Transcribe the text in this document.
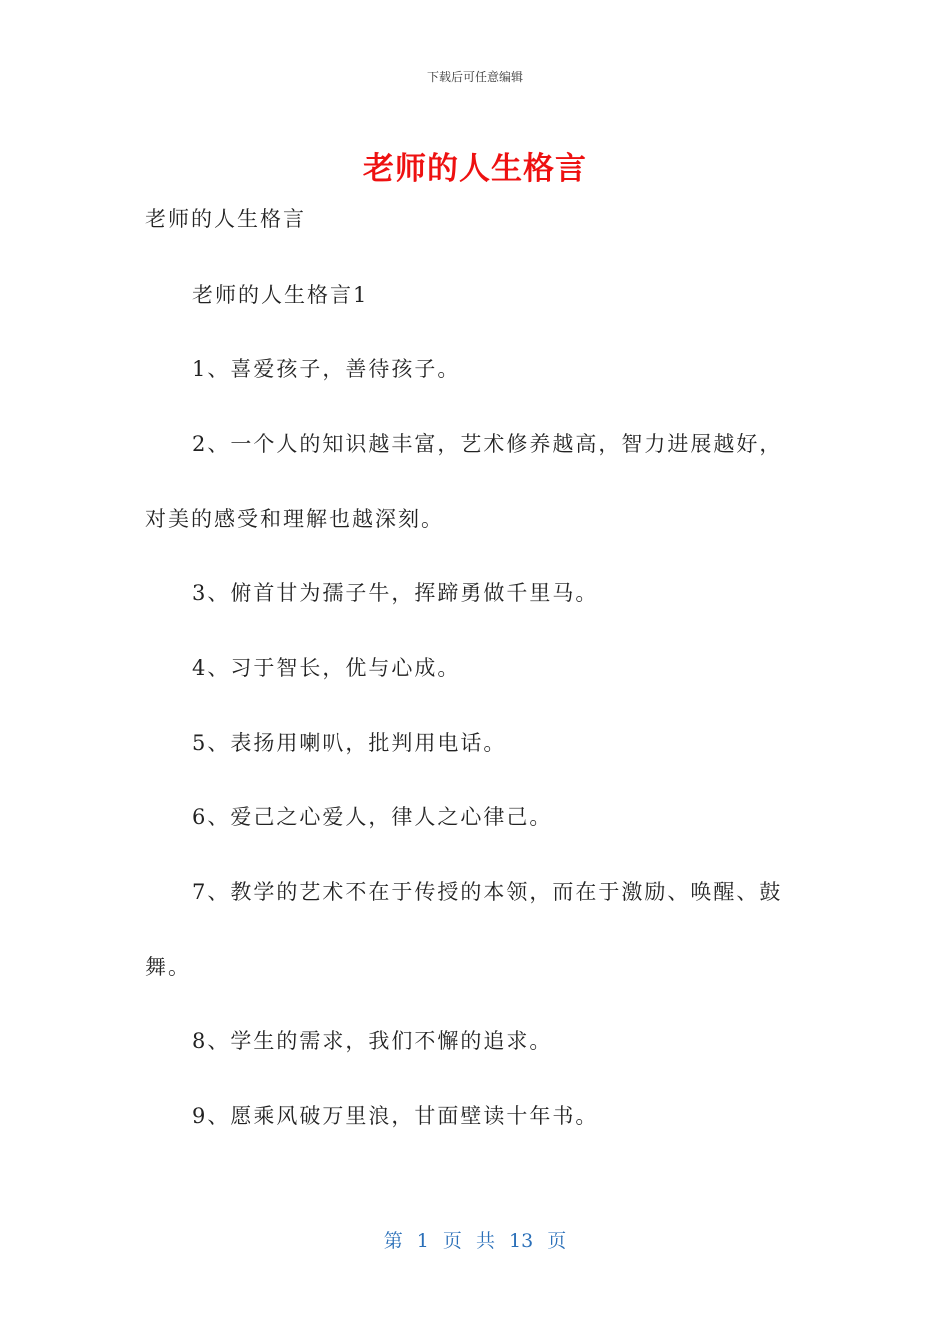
下载后可任意编辑
老师的人生格言
老师的人生格言
老师的人生格言1
1、喜爱孩子，善待孩子。
2、一个人的知识越丰富，艺术修养越高，智力进展越好，
对美的感受和理解也越深刻。
3、俯首甘为孺子牛，挥蹄勇做千里马。
4、习于智长，优与心成。
5、表扬用喇叭，批判用电话。
6、爱己之心爱人，律人之心律己。
7、教学的艺术不在于传授的本领，而在于激励、唤醒、鼓
舞。
8、学生的需求，我们不懈的追求。
9、愿乘风破万里浪，甘面壁读十年书。
第 1 页 共 13 页
